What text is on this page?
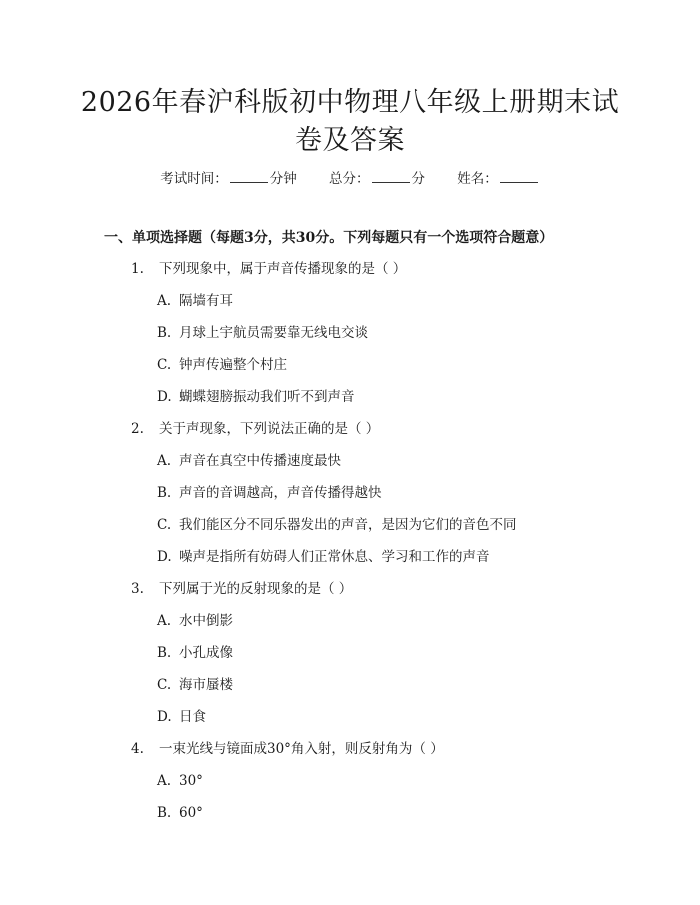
2026年春沪科版初中物理八年级上册期末试
卷及答案
考试时间：	分钟 总分：	分 姓名：
一、单项选择题（每题3分，共30分。下列每题只有一个选项符合题意）
1. 下列现象中，属于声音传播现象的是（ ）
A. 隔墙有耳
B. 月球上宇航员需要靠无线电交谈
C. 钟声传遍整个村庄
D. 蝴蝶翅膀振动我们听不到声音
2. 关于声现象，下列说法正确的是（ ）
A. 声音在真空中传播速度最快
B. 声音的音调越高，声音传播得越快
C. 我们能区分不同乐器发出的声音，是因为它们的音色不同
D. 噪声是指所有妨碍人们正常休息、学习和工作的声音
3. 下列属于光的反射现象的是（ ）
A. 水中倒影
B. 小孔成像
C. 海市蜃楼
D. 日食
4. 一束光线与镜面成30°角入射，则反射角为（ ）
A. 30°
B. 60°
